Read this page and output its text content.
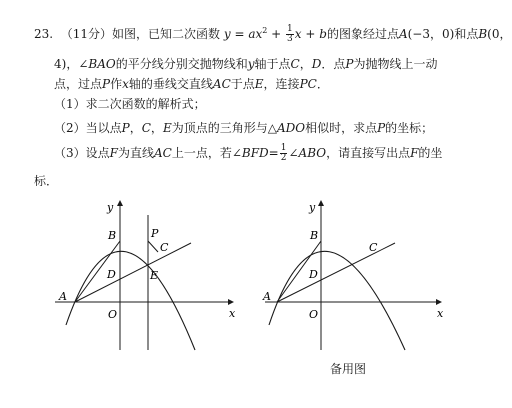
23. （11分）如图，已知二次函数 $y = ax^2 + \frac{1}{3}$ x + b的图象经过点A(−3，0)和点B(0，
4)，∠BAO的平分线分别交抛物线和y轴于点C，D．点P为抛物线上一动
点，过点P作x轴的垂线交直线AC于点E，连接PC．
（1）求二次函数的解析式；
（2）当以点P，C，E为顶点的三角形与△ADO相似时，求点P的坐标；
（3）设点F为直线AC上一点，若∠BFD= $\frac{1}{2}$ ∠ABO，请直接写出点F的坐
标．
y
x
B	P
C
D	E
A
O
y
x
B
C
D
A
O
备用图
